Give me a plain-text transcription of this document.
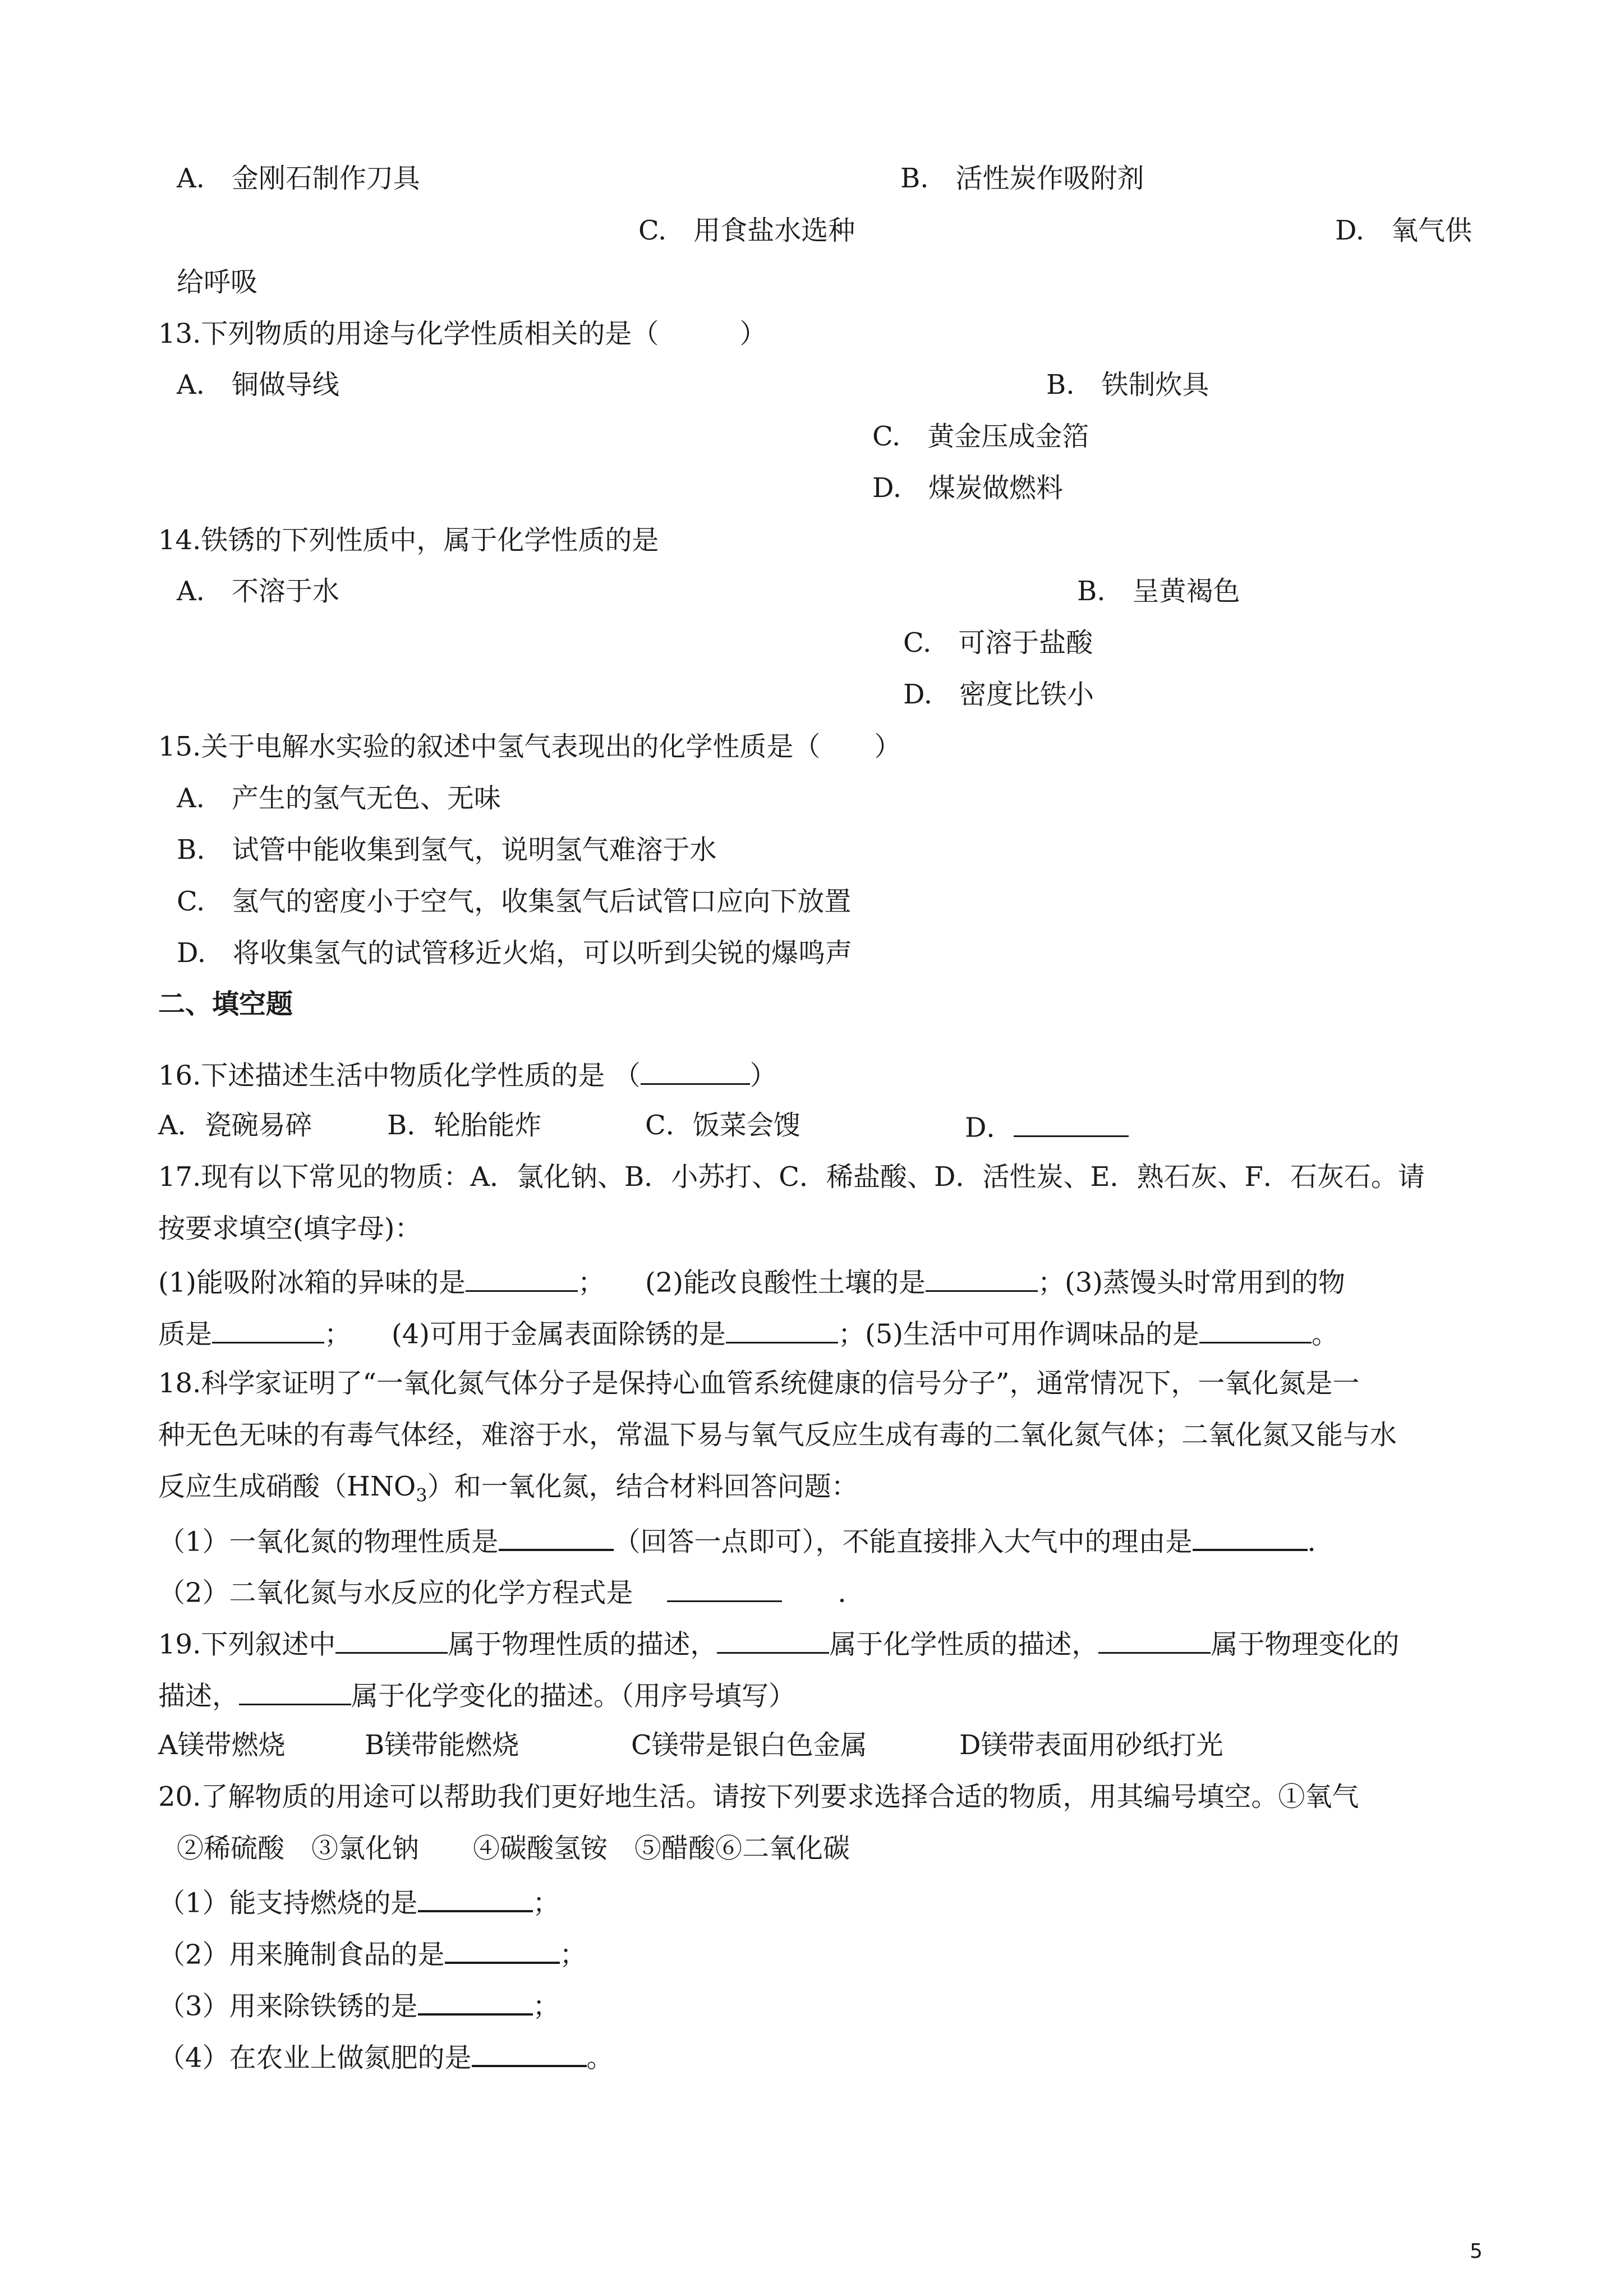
A.　金刚石制作刀具	B.　活性炭作吸附剂
C.　用食盐水选种	D.　氧气供
给呼吸
13.下列物质的用途与化学性质相关的是（　　　）
A.　铜做导线	B.　铁制炊具
C.　黄金压成金箔
D.　煤炭做燃料
14.铁锈的下列性质中，属于化学性质的是
A.　不溶于水	B.　呈黄褐色
C.　可溶于盐酸
D.　密度比铁小
15.关于电解水实验的叙述中氢气表现出的化学性质是（　　）
A.　产生的氢气无色、无味
B.　试管中能收集到氢气，说明氢气难溶于水
C.　氢气的密度小于空气，收集氢气后试管口应向下放置
D.　将收集氢气的试管移近火焰，可以听到尖锐的爆鸣声
二、填空题
16.下述描述生活中物质化学性质的是 （	）
A．瓷碗易碎	B．轮胎能炸	C．饭菜会馊	D．
17.现有以下常见的物质：A．氯化钠、B．小苏打、C．稀盐酸、D．活性炭、E．熟石灰、F．石灰石。请
按要求填空(填字母)：
(1)能吸附冰箱的异味的是	；　　(2)能改良酸性土壤的是	；(3)蒸馒头时常用到的物
质是	；　　(4)可用于金属表面除锈的是	；(5)生活中可用作调味品的是	。
18.科学家证明了“一氧化氮气体分子是保持心血管系统健康的信号分子”，通常情况下，一氧化氮是一
种无色无味的有毒气体经，难溶于水，常温下易与氧气反应生成有毒的二氧化氮气体；二氧化氮又能与水
反应生成硝酸$(HNO_3)$和一氧化氮，结合材料回答问题：
（1）一氧化氮的物理性质是	（回答一点即可），不能直接排入大气中的理由是	．
（2）二氧化氮与水反应的化学方程式是	．
19.下列叙述中	属于物理性质的描述，	属于化学性质的描述，	属于物理变化的
描述，	属于化学变化的描述。（用序号填写）
A镁带燃烧	B镁带能燃烧	C镁带是银白色金属	D镁带表面用砂纸打光
20.了解物质的用途可以帮助我们更好地生活。请按下列要求选择合适的物质，用其编号填空。①氧气
②稀硫酸　③氯化钠　　④碳酸氢铵　⑤醋酸⑥二氧化碳
（1）能支持燃烧的是	；
（2）用来腌制食品的是	；
（3）用来除铁锈的是	；
（4）在农业上做氮肥的是	。
5
